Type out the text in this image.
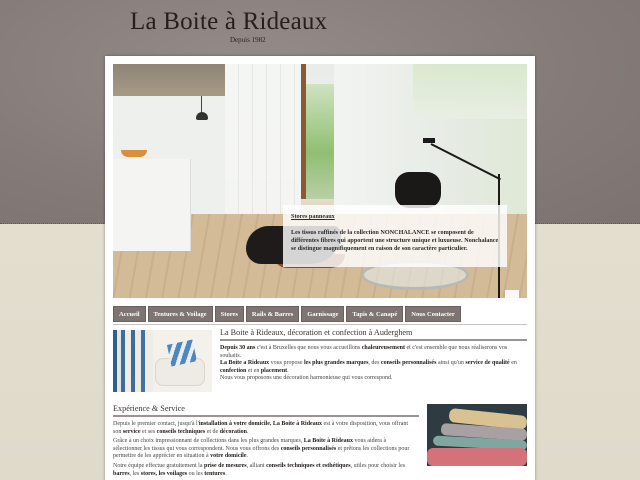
La Boite à Rideaux
Depuis 1982
Stores panneaux
Les tissus raffinés de la collection NONCHALANCE se composent de différentes fibres qui apportent une structure unique et luxueuse. Nonchalance se distingue magnifiquement en raison de son caractère particulier.
Accueil	Tentures & Voilage	Stores	Rails & Barres	Garnissage	Tapis & Canapé	Nous Contacter
La Boite à Rideaux, décoration et confection à Auderghem

Depuis 30 ans c'est à Bruxelles que nous vous accueillons chaleureusement et c'est ensemble que nous réaliserons vos souhaits.

La Boite a Rideaux vous propose les plus grandes marques, des conseils personnalisés ainsi qu'un service de qualité en confection et en placement.

Nous vous proposons une décoration harmonieuse qui vous correspond.

Expérience & Service

Depuis le premier contact, jusqu'à l'installation à votre domicile, La Boite à Rideaux est à votre disposition, vous offrant son service et ses conseils techniques et de décoration.

Grâce à un choix impressionnant de collections dans les plus grandes marques, La Boite à Rideaux vous aidera à sélectionner les tissus qui vous correspondent. Nous vous offrons des conseils personnalisés et prêtons les collections pour permettre de les apprécier en situation à votre domicile.

Notre équipe effectue gratuitement la prise de mesures, alliant conseils techniques et esthétiques, utiles pour choisir les barres, les stores, les voilages ou les tentures.
